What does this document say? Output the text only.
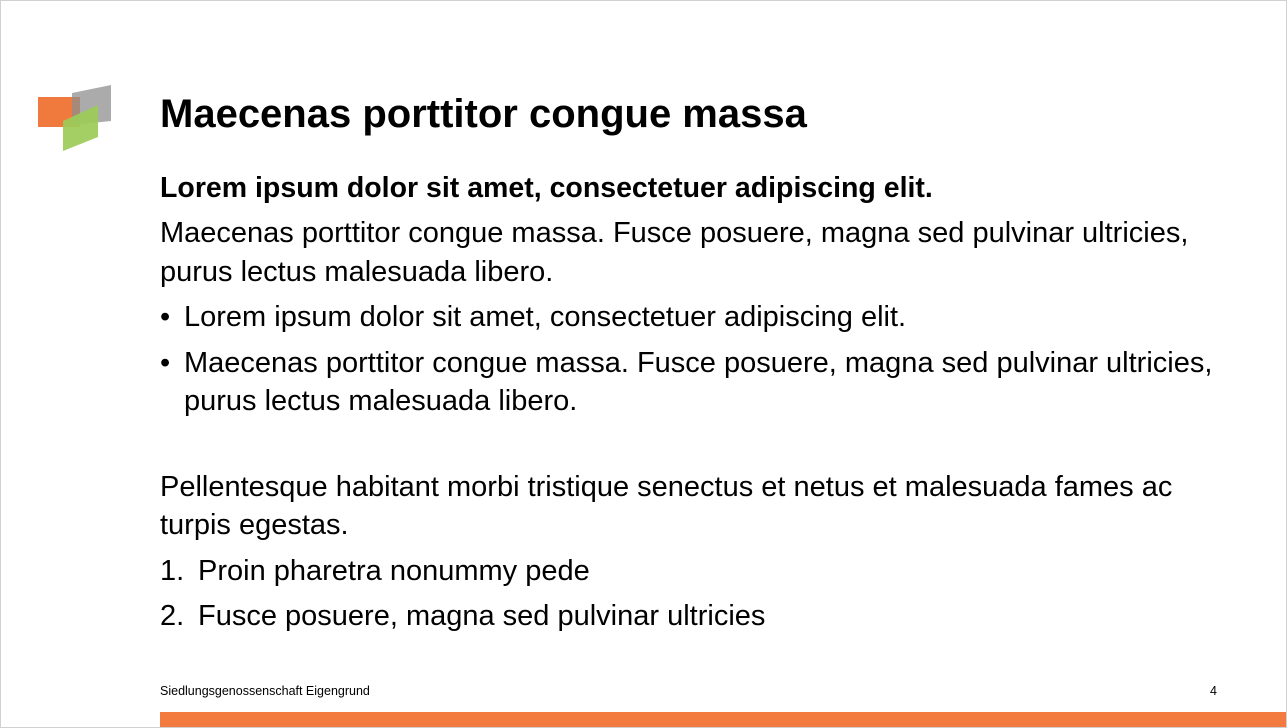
Maecenas porttitor congue massa

Lorem ipsum dolor sit amet, consectetuer adipiscing elit.

Maecenas porttitor congue massa. Fusce posuere, magna sed pulvinar ultricies, purus lectus malesuada libero.

• Lorem ipsum dolor sit amet, consectetuer adipiscing elit.
• Maecenas porttitor congue massa. Fusce posuere, magna sed pulvinar ultricies, purus lectus malesuada libero.

Pellentesque habitant morbi tristique senectus et netus et malesuada fames ac turpis egestas.

1. Proin pharetra nonummy pede
2. Fusce posuere, magna sed pulvinar ultricies
Siedlungsgenossenschaft Eigengrund	4
